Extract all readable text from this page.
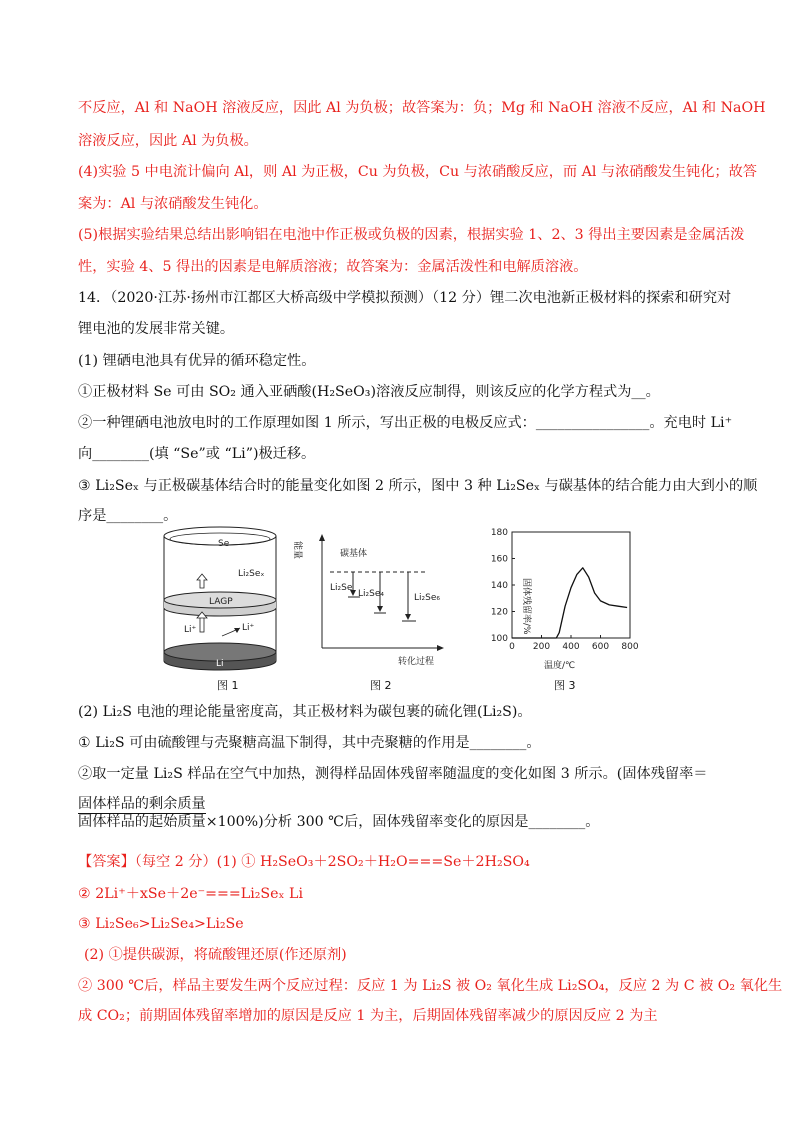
不反应，Al 和 NaOH 溶液反应，因此 Al 为负极；故答案为：负；Mg 和 NaOH 溶液不反应，Al 和 NaOH
溶液反应，因此 Al 为负极。
(4)实验 5 中电流计偏向 Al，则 Al 为正极，Cu 为负极，Cu 与浓硝酸反应，而 Al 与浓硝酸发生钝化；故答
案为：Al 与浓硝酸发生钝化。
(5)根据实验结果总结出影响铝在电池中作正极或负极的因素，根据实验 1、2、3 得出主要因素是金属活泼
性，实验 4、5 得出的因素是电解质溶液；故答案为：金属活泼性和电解质溶液。
14．（2020·江苏·扬州市江都区大桥高级中学模拟预测）（12 分）锂二次电池新正极材料的探索和研究对
锂电池的发展非常关键。
(1) 锂硒电池具有优异的循环稳定性。
①正极材料 Se 可由 SO₂ 通入亚硒酸(H₂SeO₃)溶液反应制得，则该反应的化学方程式为__。
②一种锂硒电池放电时的工作原理如图 1 所示，写出正极的电极反应式：________________。充电时 Li⁺
向________(填 “Se”或 “Li”)极迁移。
③ Li₂Seₓ 与正极碳基体结合时的能量变化如图 2 所示，图中 3 种 Li₂Seₓ 与碳基体的结合能力由大到小的顺
序是________。
Se
Li₂Seₓ
LAGP
Li⁺	Li⁺
Li
图 1
能量
转化过程
碳基体
Li₂Se
Li₂Se₄	Li₂Se₆
图 2
固体残留率/%
温度/℃
100
120
140
160
180
0 200 400 600 800
图 3
(2) Li₂S 电池的理论能量密度高，其正极材料为碳包裹的硫化锂(Li₂S)。
① Li₂S 可由硫酸锂与壳聚糖高温下制得，其中壳聚糖的作用是________。
②取一定量 Li₂S 样品在空气中加热，测得样品固体残留率随温度的变化如图 3 所示。(固体残留率＝
固体样品的剩余质量
固体样品的起始质量×100%)分析 300 ℃后，固体残留率变化的原因是________。
【答案】（每空 2 分）(1) ① H₂SeO₃＋2SO₂＋H₂O===Se＋2H₂SO₄
② 2Li⁺＋xSe＋2e⁻===Li₂Seₓ Li
③ Li₂Se₆>Li₂Se₄>Li₂Se
(2) ①提供碳源，将硫酸锂还原(作还原剂)
② 300 ℃后，样品主要发生两个反应过程：反应 1 为 Li₂S 被 O₂ 氧化生成 Li₂SO₄，反应 2 为 C 被 O₂ 氧化生
成 CO₂；前期固体残留率增加的原因是反应 1 为主，后期固体残留率减少的原因反应 2 为主
